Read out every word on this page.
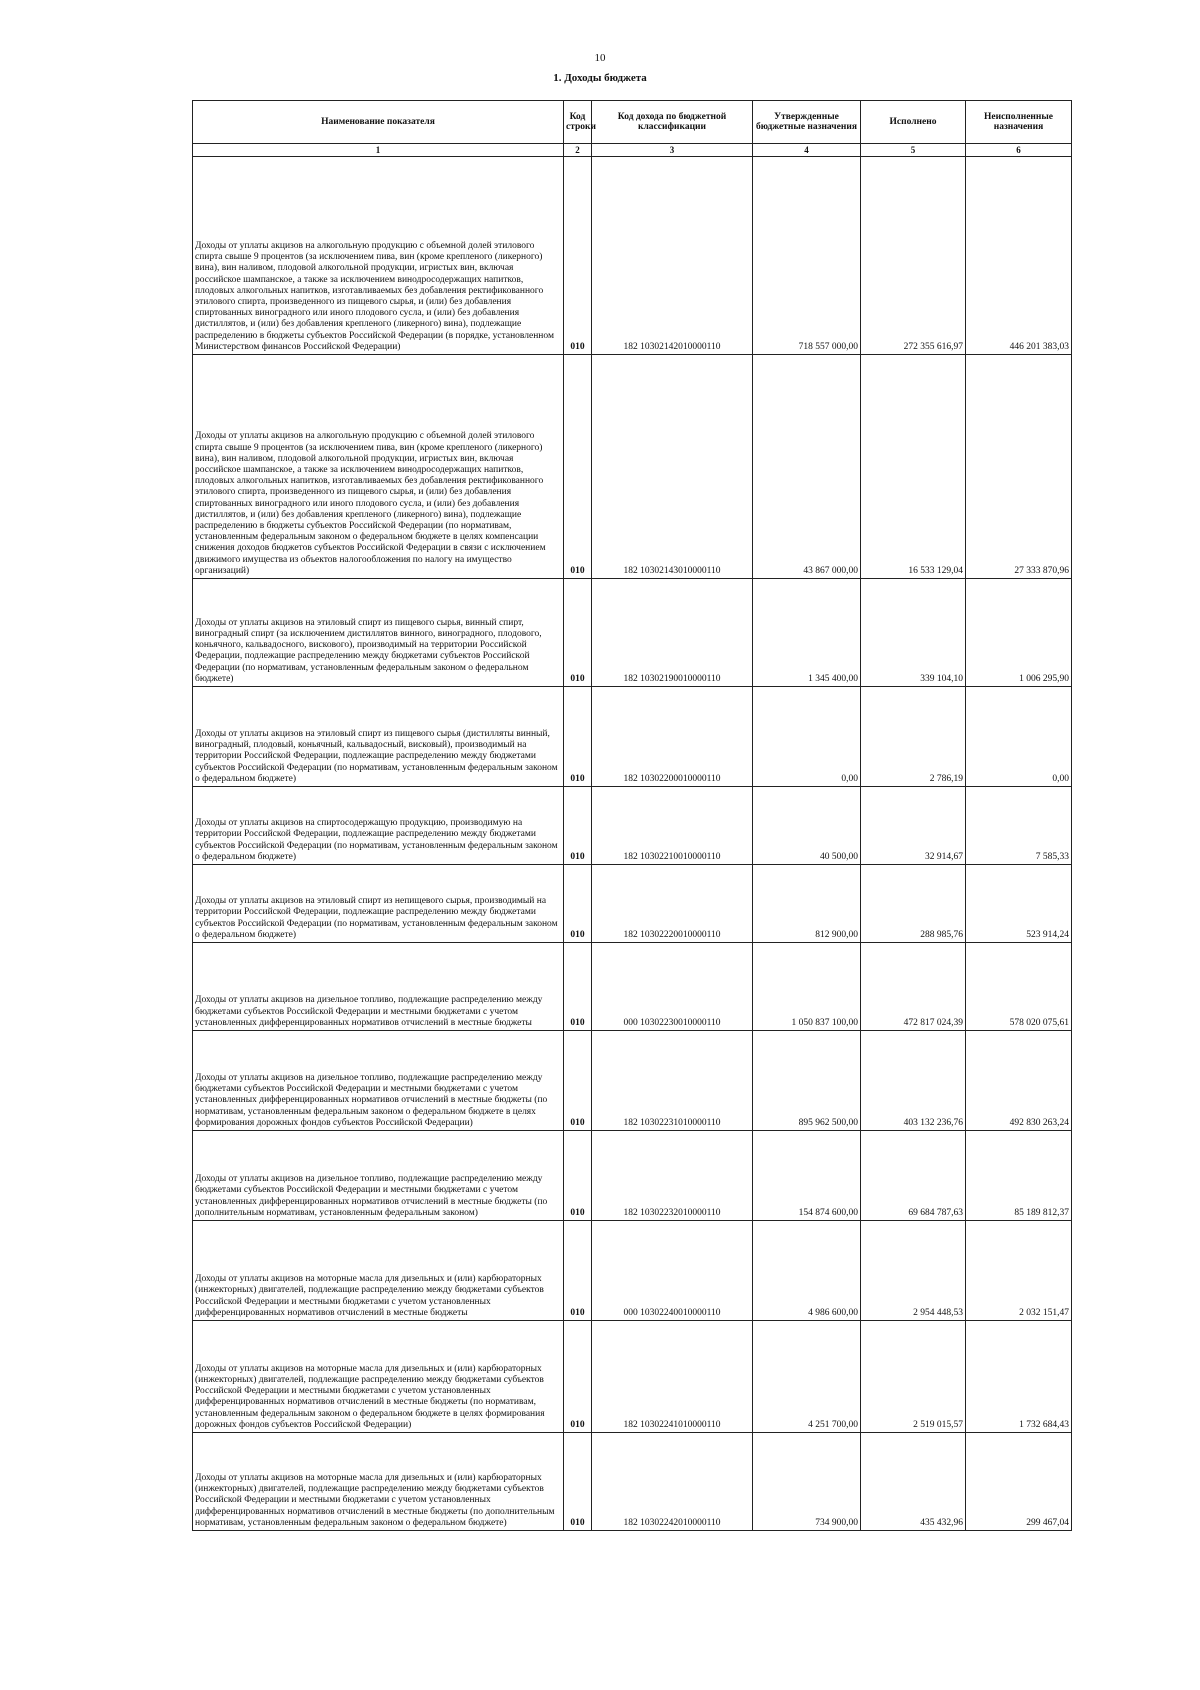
10
1. Доходы бюджета
Наименование показателя	Код строки	Код дохода по бюджетной классификации	Утвержденные бюджетные назначения	Исполнено	Неисполненные назначения
1	2	3	4	5	6
Доходы от уплаты акцизов на алкогольную продукцию с объемной долей этилового спирта свыше 9 процентов (за исключением пива, вин (кроме крепленого (ликерного) вина), вин наливом, плодовой алкогольной продукции, игристых вин, включая российское шампанское, а также за исключением винодросодержащих напитков, плодовых алкогольных напитков, изготавливаемых без добавления ректификованного этилового спирта, произведенного из пищевого сырья, и (или) без добавления спиртованных виноградного или иного плодового сусла, и (или) без добавления дистиллятов, и (или) без добавления крепленого (ликерного) вина), подлежащие распределению в бюджеты субъектов Российской Федерации (в порядке, установленном Министерством финансов Российской Федерации)	010	182 10302142010000110	718 557 000,00	272 355 616,97	446 201 383,03
Доходы от уплаты акцизов на алкогольную продукцию с объемной долей этилового спирта свыше 9 процентов (за исключением пива, вин (кроме крепленого (ликерного) вина), вин наливом, плодовой алкогольной продукции, игристых вин, включая российское шампанское, а также за исключением винодросодержащих напитков, плодовых алкогольных напитков, изготавливаемых без добавления ректификованного этилового спирта, произведенного из пищевого сырья, и (или) без добавления спиртованных виноградного или иного плодового сусла, и (или) без добавления дистиллятов, и (или) без добавления крепленого (ликерного) вина), подлежащие распределению в бюджеты субъектов Российской Федерации (по нормативам, установленным федеральным законом о федеральном бюджете в целях компенсации снижения доходов бюджетов субъектов Российской Федерации в связи с исключением движимого имущества из объектов налогообложения по налогу на имущество организаций)	010	182 10302143010000110	43 867 000,00	16 533 129,04	27 333 870,96
Доходы от уплаты акцизов на этиловый спирт из пищевого сырья, винный спирт, виноградный спирт (за исключением дистиллятов винного, виноградного, плодового, коньячного, кальвадосного, вискового), производимый на территории Российской Федерации, подлежащие распределению между бюджетами субъектов Российской Федерации (по нормативам, установленным федеральным законом о федеральном бюджете)	010	182 10302190010000110	1 345 400,00	339 104,10	1 006 295,90
Доходы от уплаты акцизов на этиловый спирт из пищевого сырья (дистилляты винный, виноградный, плодовый, коньячный, кальвадосный, висковый), производимый на территории Российской Федерации, подлежащие распределению между бюджетами субъектов Российской Федерации (по нормативам, установленным федеральным законом о федеральном бюджете)	010	182 10302200010000110	0,00	2 786,19	0,00
Доходы от уплаты акцизов на спиртосодержащую продукцию, производимую на территории Российской Федерации, подлежащие распределению между бюджетами субъектов Российской Федерации (по нормативам, установленным федеральным законом о федеральном бюджете)	010	182 10302210010000110	40 500,00	32 914,67	7 585,33
Доходы от уплаты акцизов на этиловый спирт из непищевого сырья, производимый на территории Российской Федерации, подлежащие распределению между бюджетами субъектов Российской Федерации (по нормативам, установленным федеральным законом о федеральном бюджете)	010	182 10302220010000110	812 900,00	288 985,76	523 914,24
Доходы от уплаты акцизов на дизельное топливо, подлежащие распределению между бюджетами субъектов Российской Федерации и местными бюджетами с учетом установленных дифференцированных нормативов отчислений в местные бюджеты	010	000 10302230010000110	1 050 837 100,00	472 817 024,39	578 020 075,61
Доходы от уплаты акцизов на дизельное топливо, подлежащие распределению между бюджетами субъектов Российской Федерации и местными бюджетами с учетом установленных дифференцированных нормативов отчислений в местные бюджеты (по нормативам, установленным федеральным законом о федеральном бюджете в целях формирования дорожных фондов субъектов Российской Федерации)	010	182 10302231010000110	895 962 500,00	403 132 236,76	492 830 263,24
Доходы от уплаты акцизов на дизельное топливо, подлежащие распределению между бюджетами субъектов Российской Федерации и местными бюджетами с учетом установленных дифференцированных нормативов отчислений в местные бюджеты (по дополнительным нормативам, установленным федеральным законом)	010	182 10302232010000110	154 874 600,00	69 684 787,63	85 189 812,37
Доходы от уплаты акцизов на моторные масла для дизельных и (или) карбюраторных (инжекторных) двигателей, подлежащие распределению между бюджетами субъектов Российской Федерации и местными бюджетами с учетом установленных дифференцированных нормативов отчислений в местные бюджеты	010	000 10302240010000110	4 986 600,00	2 954 448,53	2 032 151,47
Доходы от уплаты акцизов на моторные масла для дизельных и (или) карбюраторных (инжекторных) двигателей, подлежащие распределению между бюджетами субъектов Российской Федерации и местными бюджетами с учетом установленных дифференцированных нормативов отчислений в местные бюджеты (по нормативам, установленным федеральным законом о федеральном бюджете в целях формирования дорожных фондов субъектов Российской Федерации)	010	182 10302241010000110	4 251 700,00	2 519 015,57	1 732 684,43
Доходы от уплаты акцизов на моторные масла для дизельных и (или) карбюраторных (инжекторных) двигателей, подлежащие распределению между бюджетами субъектов Российской Федерации и местными бюджетами с учетом установленных дифференцированных нормативов отчислений в местные бюджеты (по дополнительным нормативам, установленным федеральным законом о федеральном бюджете)	010	182 10302242010000110	734 900,00	435 432,96	299 467,04
